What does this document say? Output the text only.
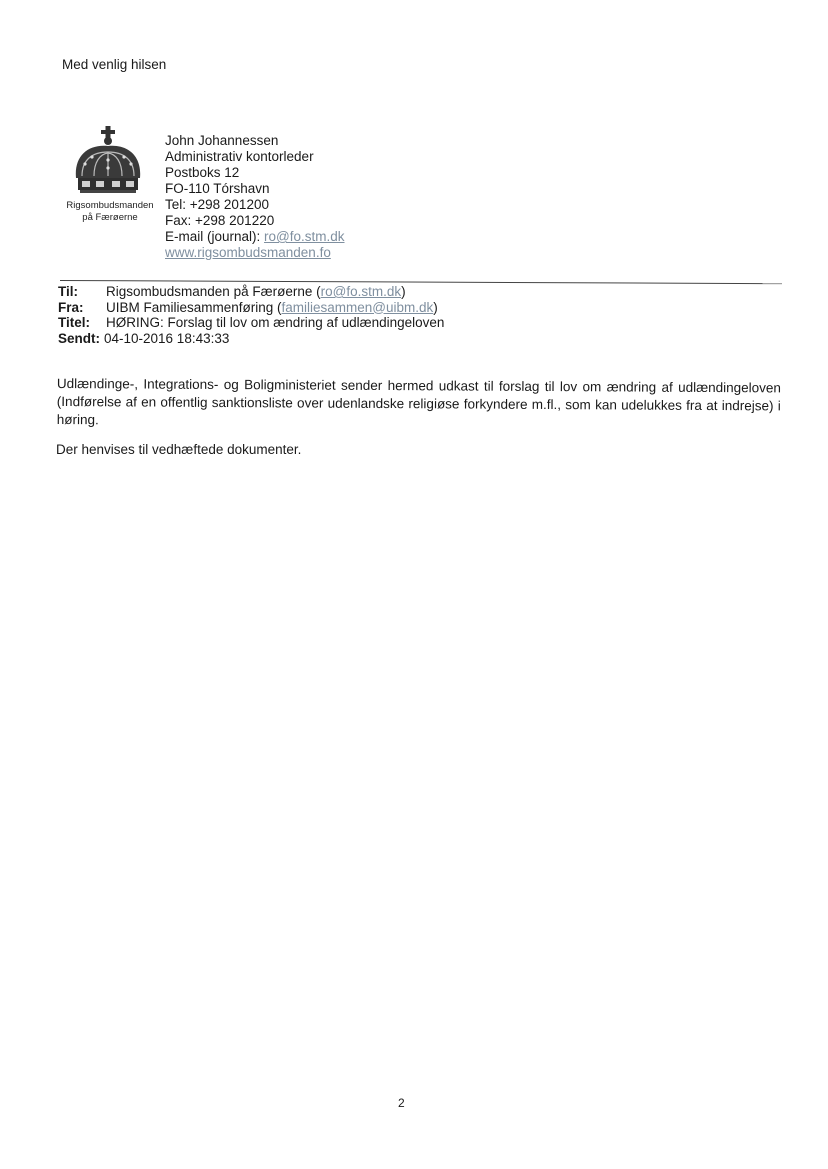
Med venlig hilsen
Rigsombudsmanden
på Færøerne
John Johannessen
Administrativ kontorleder
Postboks 12
FO-110 Tórshavn
Tel: +298 201200
Fax: +298 201220
E-mail (journal): ro@fo.stm.dk
www.rigsombudsmanden.fo
Til: Rigsombudsmanden på Færøerne (ro@fo.stm.dk)
Fra: UIBM Familiesammenføring (familiesammen@uibm.dk)
Titel: HØRING: Forslag til lov om ændring af udlændingeloven
Sendt: 04-10-2016 18:43:33
Udlændinge-, Integrations- og Boligministeriet sender hermed udkast til forslag til lov om ændring af udlændingeloven (Indførelse af en offentlig sanktionsliste over udenlandske religiøse forkyndere m.fl., som kan udelukkes fra at indrejse) i høring.
Der henvises til vedhæftede dokumenter.
2
